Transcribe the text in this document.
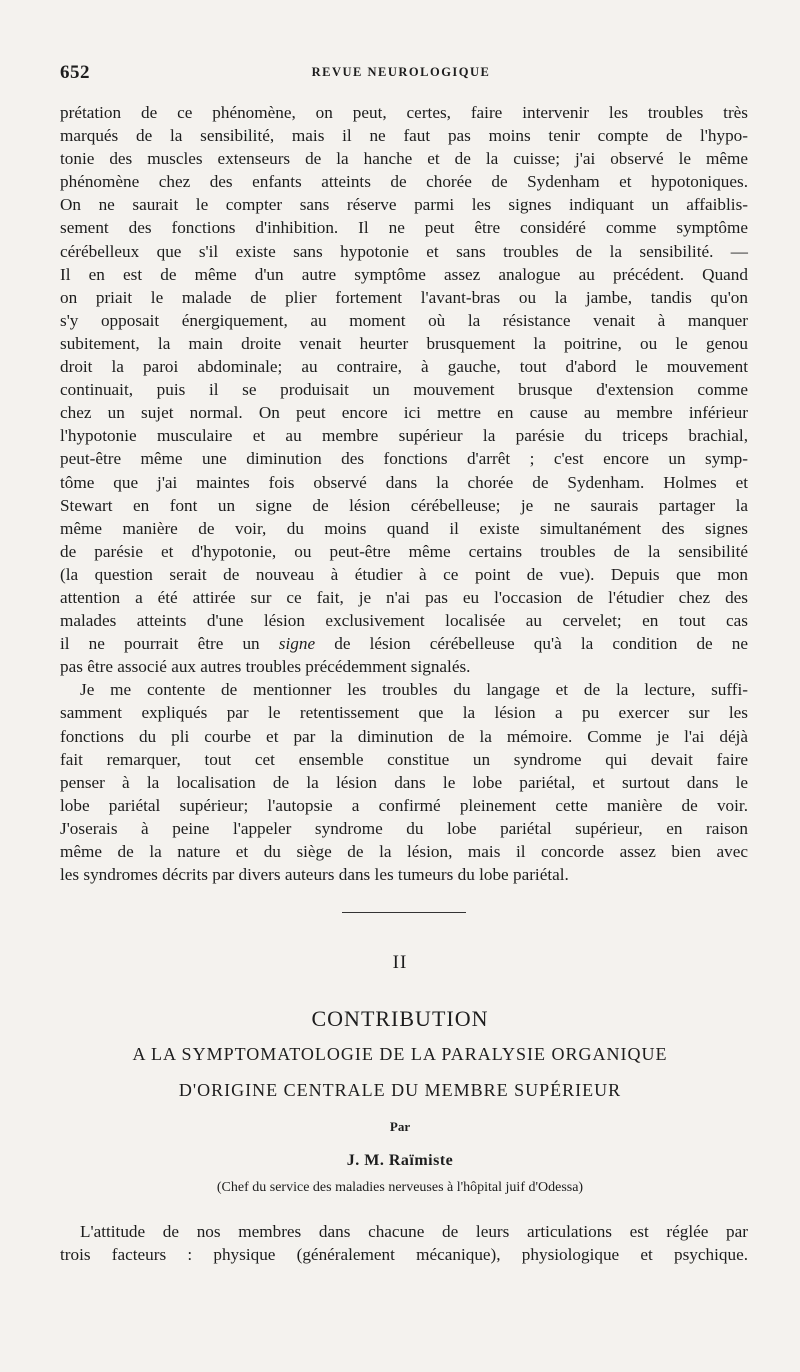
652	REVUE NEUROLOGIQUE
prétation de ce phénomène, on peut, certes, faire intervenir les troubles très
marqués de la sensibilité, mais il ne faut pas moins tenir compte de l'hypo-
tonie des muscles extenseurs de la hanche et de la cuisse; j'ai observé le même
phénomène chez des enfants atteints de chorée de Sydenham et hypotoniques.
On ne saurait le compter sans réserve parmi les signes indiquant un affaiblis-
sement des fonctions d'inhibition. Il ne peut être considéré comme symptôme
cérébelleux que s'il existe sans hypotonie et sans troubles de la sensibilité. —
Il en est de même d'un autre symptôme assez analogue au précédent. Quand
on priait le malade de plier fortement l'avant-bras ou la jambe, tandis qu'on
s'y opposait énergiquement, au moment où la résistance venait à manquer
subitement, la main droite venait heurter brusquement la poitrine, ou le genou
droit la paroi abdominale; au contraire, à gauche, tout d'abord le mouvement
continuait, puis il se produisait un mouvement brusque d'extension comme
chez un sujet normal. On peut encore ici mettre en cause au membre inférieur
l'hypotonie musculaire et au membre supérieur la parésie du triceps brachial,
peut-être même une diminution des fonctions d'arrêt ; c'est encore un symp-
tôme que j'ai maintes fois observé dans la chorée de Sydenham. Holmes et
Stewart en font un signe de lésion cérébelleuse; je ne saurais partager la
même manière de voir, du moins quand il existe simultanément des signes
de parésie et d'hypotonie, ou peut-être même certains troubles de la sensibilité
(la question serait de nouveau à étudier à ce point de vue). Depuis que mon
attention a été attirée sur ce fait, je n'ai pas eu l'occasion de l'étudier chez des
malades atteints d'une lésion exclusivement localisée au cervelet; en tout cas
il ne pourrait être un signe de lésion cérébelleuse qu'à la condition de ne
pas être associé aux autres troubles précédemment signalés.
Je me contente de mentionner les troubles du langage et de la lecture, suffi-
samment expliqués par le retentissement que la lésion a pu exercer sur les
fonctions du pli courbe et par la diminution de la mémoire. Comme je l'ai déjà
fait remarquer, tout cet ensemble constitue un syndrome qui devait faire
penser à la localisation de la lésion dans le lobe pariétal, et surtout dans le
lobe pariétal supérieur; l'autopsie a confirmé pleinement cette manière de voir.
J'oserais à peine l'appeler syndrome du lobe pariétal supérieur, en raison
même de la nature et du siège de la lésion, mais il concorde assez bien avec
les syndromes décrits par divers auteurs dans les tumeurs du lobe pariétal.
II
CONTRIBUTION
A LA SYMPTOMATOLOGIE DE LA PARALYSIE ORGANIQUE
D'ORIGINE CENTRALE DU MEMBRE SUPÉRIEUR
Par
J. M. Raïmiste
(Chef du service des maladies nerveuses à l'hôpital juif d'Odessa)
L'attitude de nos membres dans chacune de leurs articulations est réglée par
trois facteurs : physique (généralement mécanique), physiologique et psychique.
